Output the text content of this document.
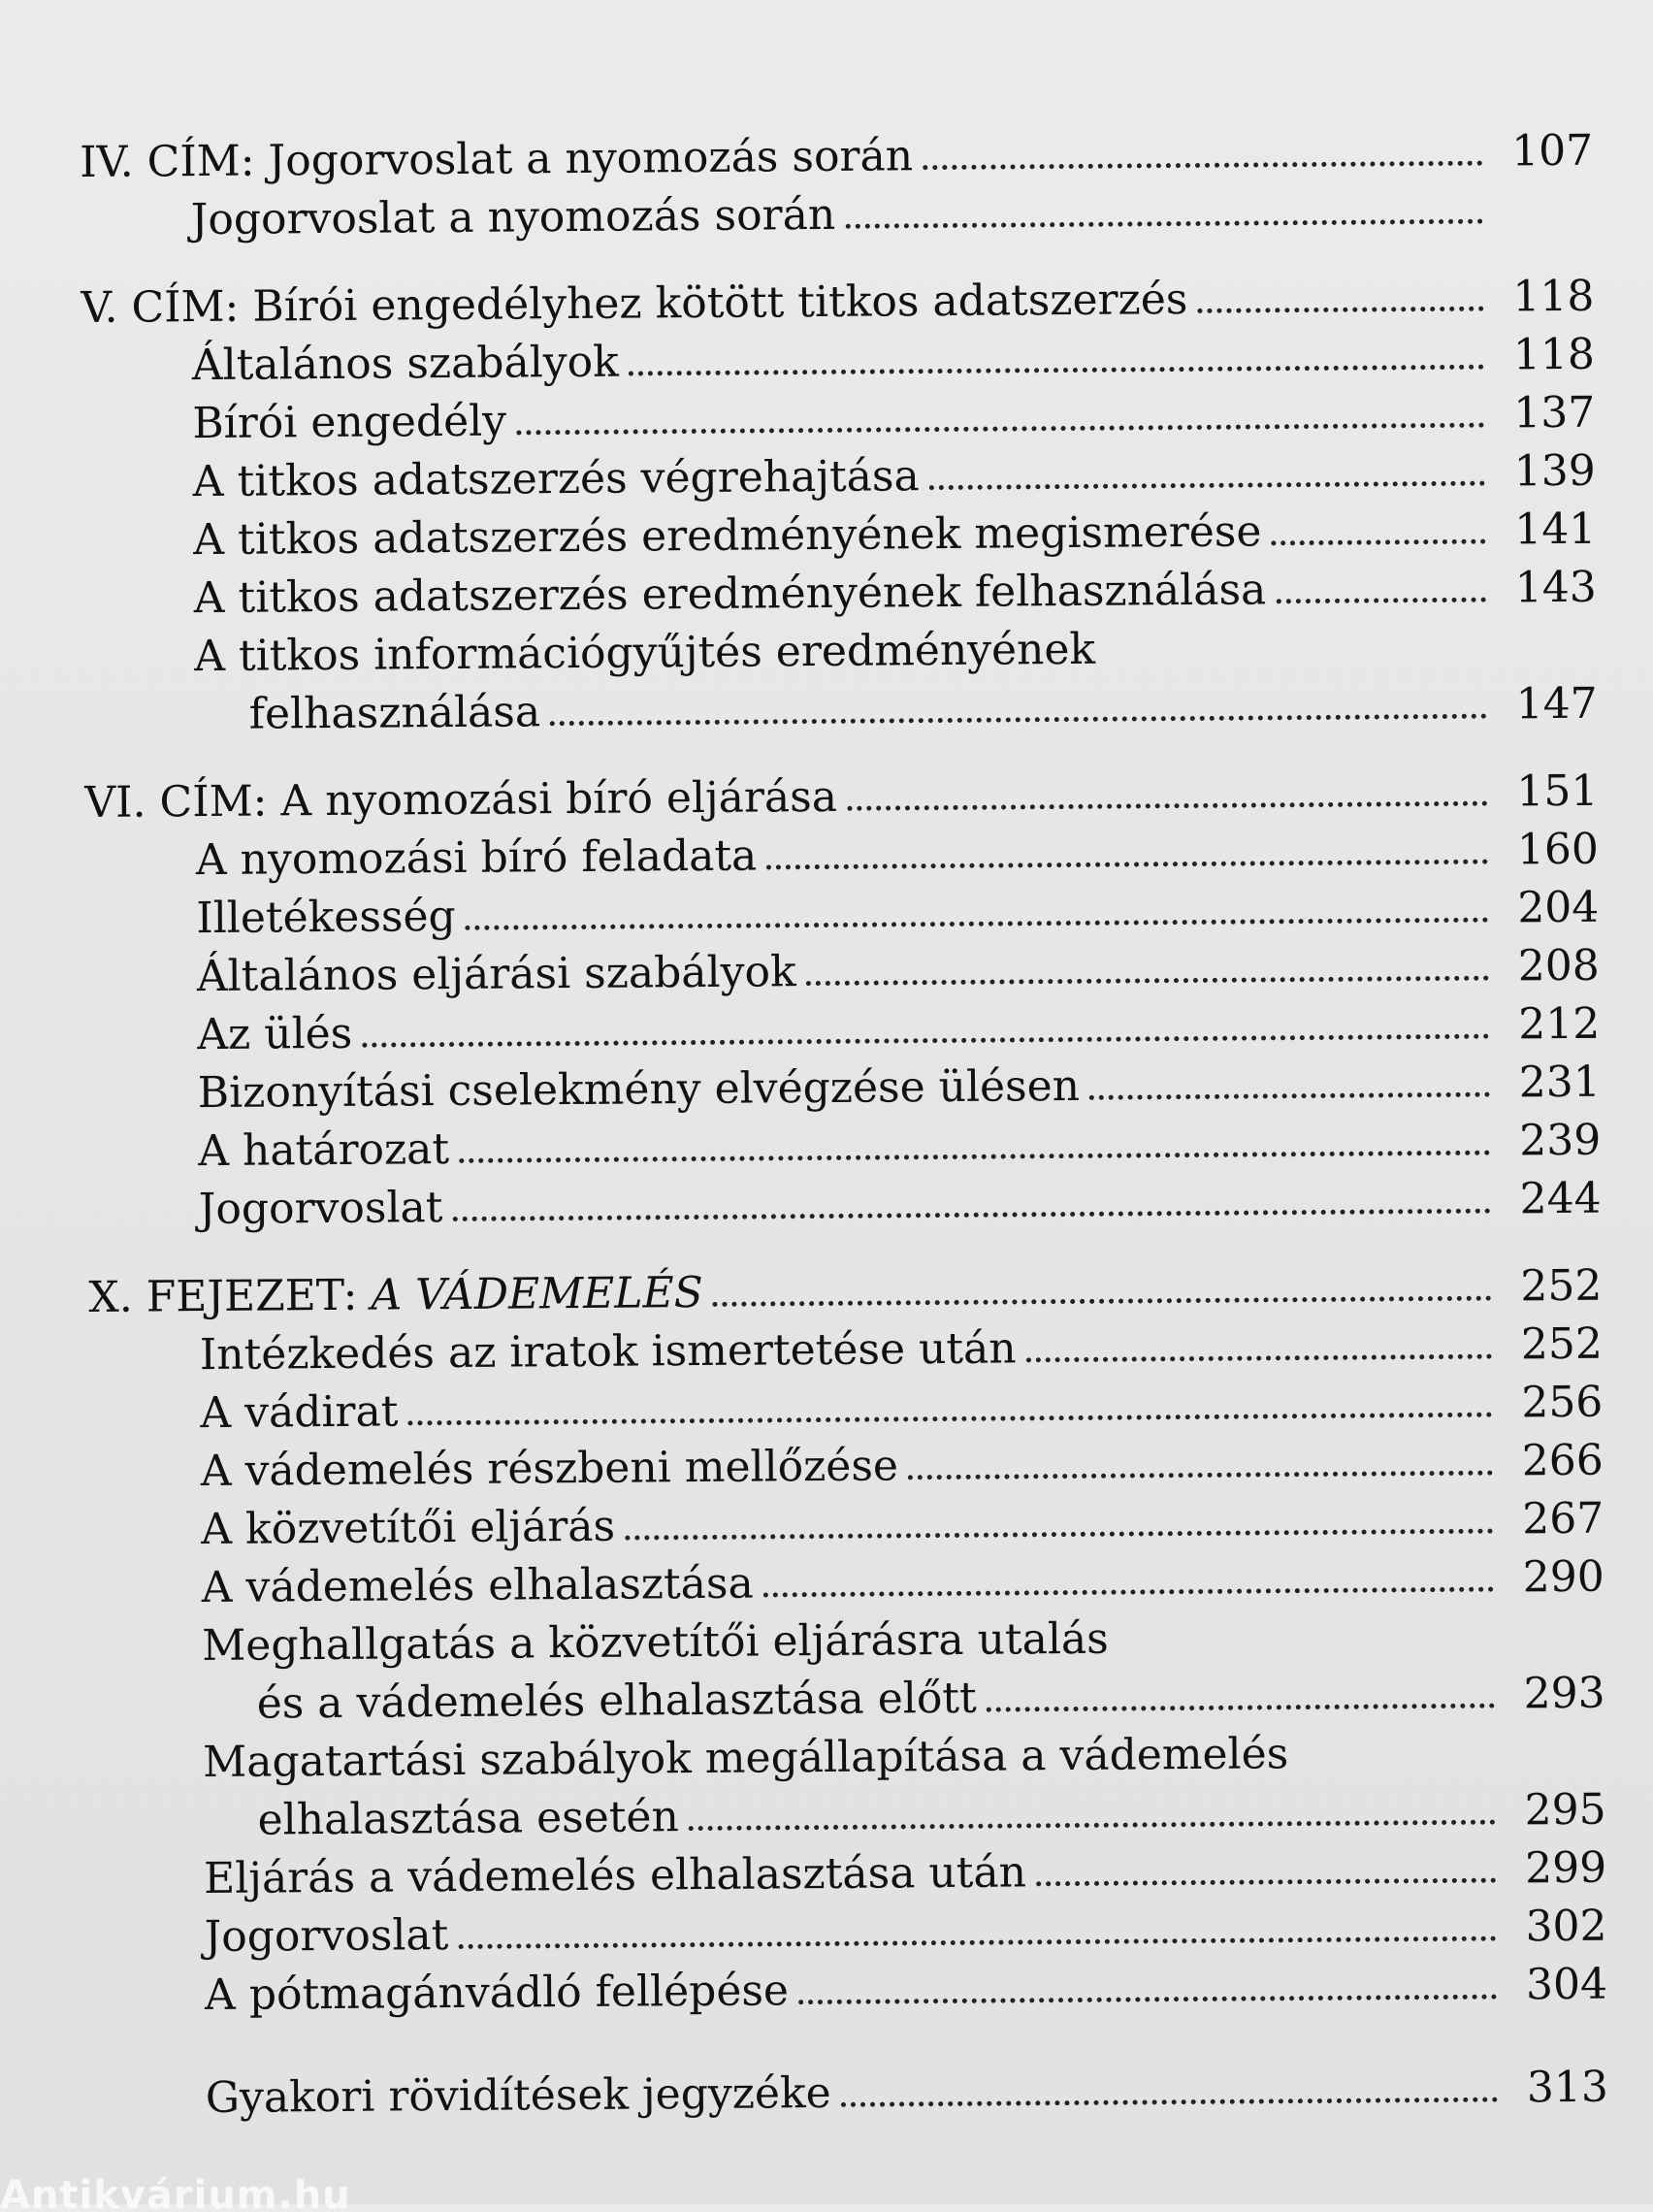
IV. CÍM: Jogorvoslat a nyomozás során	107
Jogorvoslat a nyomozás során
V. CÍM: Bírói engedélyhez kötött titkos adatszerzés	118
Általános szabályok	118
Bírói engedély	137
A titkos adatszerzés végrehajtása	139
A titkos adatszerzés eredményének megismerése	141
A titkos adatszerzés eredményének felhasználása	143
A titkos információgyűjtés eredményének
felhasználása	147
VI. CÍM: A nyomozási bíró eljárása	151
A nyomozási bíró feladata	160
Illetékesség	204
Általános eljárási szabályok	208
Az ülés	212
Bizonyítási cselekmény elvégzése ülésen	231
A határozat	239
Jogorvoslat	244
X. FEJEZET: A VÁDEMELÉS	252
Intézkedés az iratok ismertetése után	252
A vádirat	256
A vádemelés részbeni mellőzése	266
A közvetítői eljárás	267
A vádemelés elhalasztása	290
Meghallgatás a közvetítői eljárásra utalás
és a vádemelés elhalasztása előtt	293
Magatartási szabályok megállapítása a vádemelés
elhalasztása esetén	295
Eljárás a vádemelés elhalasztása után	299
Jogorvoslat	302
A pótmagánvádló fellépése	304
Gyakori rövidítések jegyzéke	313
Antikvárium.hu
